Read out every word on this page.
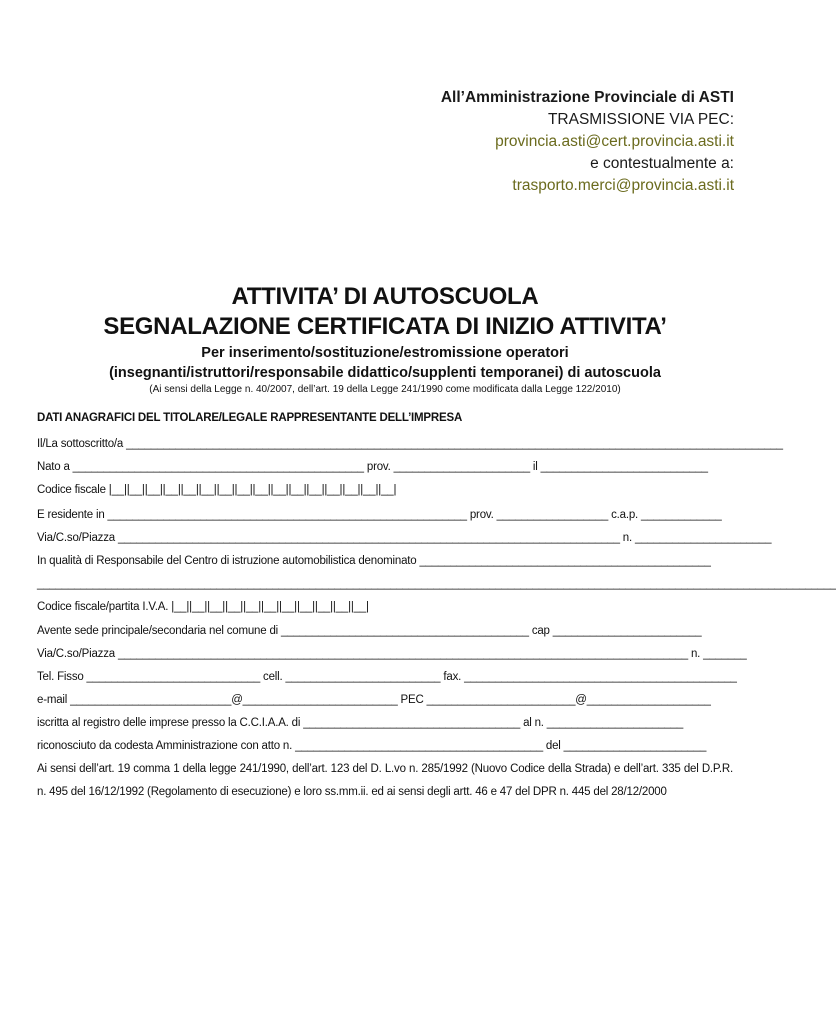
All’Amministrazione Provinciale di ASTI
TRASMISSIONE VIA PEC:
provincia.asti@cert.provincia.asti.it
e contestualmente a:
trasporto.merci@provincia.asti.it
ATTIVITA’ DI AUTOSCUOLA
SEGNALAZIONE CERTIFICATA DI INIZIO ATTIVITA’
Per inserimento/sostituzione/estromissione operatori
(insegnanti/istruttori/responsabile didattico/supplenti temporanei) di autoscuola
(Ai sensi della Legge n. 40/2007, dell’art. 19 della Legge 241/1990 come modificata dalla Legge 122/2010)
DATI ANAGRAFICI DEL TITOLARE/LEGALE RAPPRESENTANTE DELL’IMPRESA
Il/La sottoscritto/a __________________________________________________________________________________________________________
Nato a _______________________________________________ prov. ______________________ il ___________________________
Codice fiscale |__||__||__||__||__||__||__||__||__||__||__||__||__||__||__||__|
E residente in __________________________________________________________ prov. __________________ c.a.p. _____________
Via/C.so/Piazza _________________________________________________________________________________ n. ______________________
In qualità di Responsabile del Centro di istruzione automobilistica denominato _______________________________________________
_________________________________________________________________________________________________________________________________
Codice fiscale/partita I.V.A. |__||__||__||__||__||__||__||__||__||__||__|
Avente sede principale/secondaria nel comune di ________________________________________ cap ________________________
Via/C.so/Piazza ____________________________________________________________________________________________ n. _______
Tel. Fisso ____________________________ cell. _________________________ fax. ____________________________________________
e-mail __________________________@_________________________ PEC ________________________@____________________
iscritta al registro delle imprese presso la C.C.I.A.A. di ___________________________________ al n. ______________________
riconosciuto da codesta Amministrazione con atto n. ________________________________________ del _______________________
Ai sensi dell’art. 19 comma 1 della legge 241/1990, dell’art. 123 del D. L.vo n. 285/1992 (Nuovo Codice della Strada) e dell’art. 335 del D.P.R. n. 495 del 16/12/1992 (Regolamento di esecuzione) e loro ss.mm.ii. ed ai sensi degli artt. 46 e 47 del DPR n. 445 del 28/12/2000
